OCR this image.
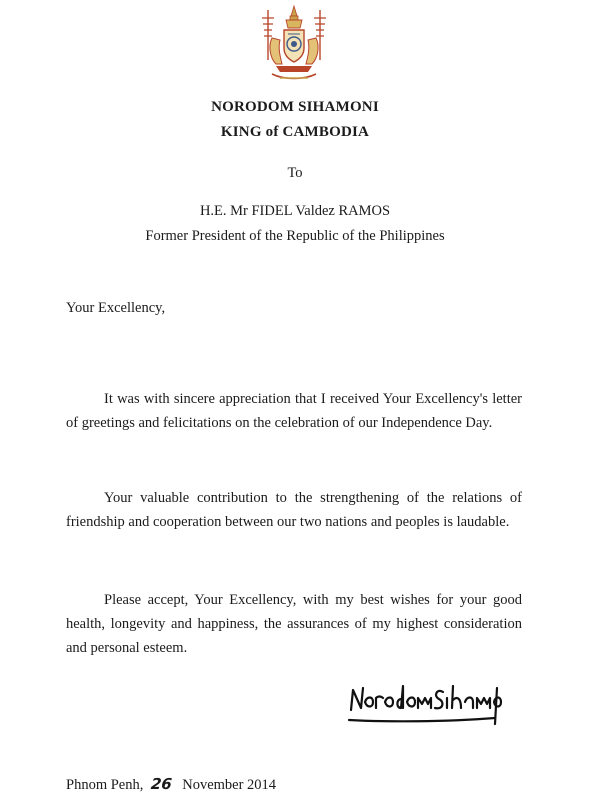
NORODOM SIHAMONI
KING of CAMBODIA
To
H.E. Mr FIDEL Valdez RAMOS
Former President of the Republic of the Philippines
Your Excellency,

It was with sincere appreciation that I received Your Excellency's letter of greetings and felicitations on the celebration of our Independence Day.

Your valuable contribution to the strengthening of the relations of friendship and cooperation between our two nations and peoples is laudable.

Please accept, Your Excellency, with my best wishes for your good health, longevity and happiness, the assurances of my highest consideration and personal esteem.

Phnom Penh, 26 November 2014
